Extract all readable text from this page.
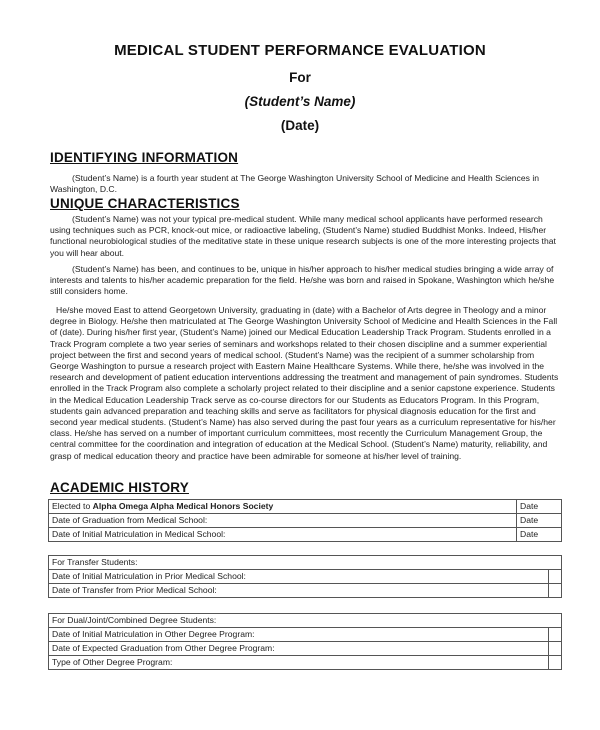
MEDICAL STUDENT PERFORMANCE EVALUATION
For
(Student’s Name)
(Date)
IDENTIFYING INFORMATION

(Student’s Name) is a fourth year student at The George Washington University School of Medicine and Health Sciences in Washington, D.C.

UNIQUE CHARACTERISTICS

(Student’s Name) was not your typical pre-medical student. While many medical school applicants have performed research using techniques such as PCR, knock-out mice, or radioactive labeling, (Student’s Name) studied Buddhist Monks. Indeed, His/her functional neurobiological studies of the meditative state in these unique research subjects is one of the more interesting projects that you will hear about.

(Student’s Name) has been, and continues to be, unique in his/her approach to his/her medical studies bringing a wide array of interests and talents to his/her academic preparation for the field. He/she was born and raised in Spokane, Washington which he/she still considers home.

He/she moved East to attend Georgetown University, graduating in (date) with a Bachelor of Arts degree in Theology and a minor degree in Biology. He/she then matriculated at The George Washington University School of Medicine and Health Sciences in the Fall of (date). During his/her first year, (Student’s Name) joined our Medical Education Leadership Track Program. Students enrolled in a Track Program complete a two year series of seminars and workshops related to their chosen discipline and a summer experiential project between the first and second years of medical school. (Student’s Name) was the recipient of a summer scholarship from George Washington to pursue a research project with Eastern Maine Healthcare Systems. While there, he/she was involved in the research and development of patient education interventions addressing the treatment and management of pain syndromes. Students enrolled in the Track Program also complete a scholarly project related to their discipline and a senior capstone experience. Students in the Medical Education Leadership Track serve as co-course directors for our Students as Educators Program. In this Program, students gain advanced preparation and teaching skills and serve as facilitators for physical diagnosis education for the first and second year medical students. (Student’s Name) has also served during the past four years as a curriculum representative for his/her class. He/she has served on a number of important curriculum committees, most recently the Curriculum Management Group, the central committee for the coordination and integration of education at the Medical School. (Student’s Name) maturity, reliability, and grasp of medical education theory and practice have been admirable for someone at his/her level of training.

ACADEMIC HISTORY
Elected to Alpha Omega Alpha Medical Honors Society	Date
Date of Graduation from Medical School:	Date
Date of Initial Matriculation in Medical School:	Date
For Transfer Students:	
Date of Initial Matriculation in Prior Medical School:	
Date of Transfer from Prior Medical School:	
For Dual/Joint/Combined Degree Students:	
Date of Initial Matriculation in Other Degree Program:	
Date of Expected Graduation from Other Degree Program:	
Type of Other Degree Program:	
